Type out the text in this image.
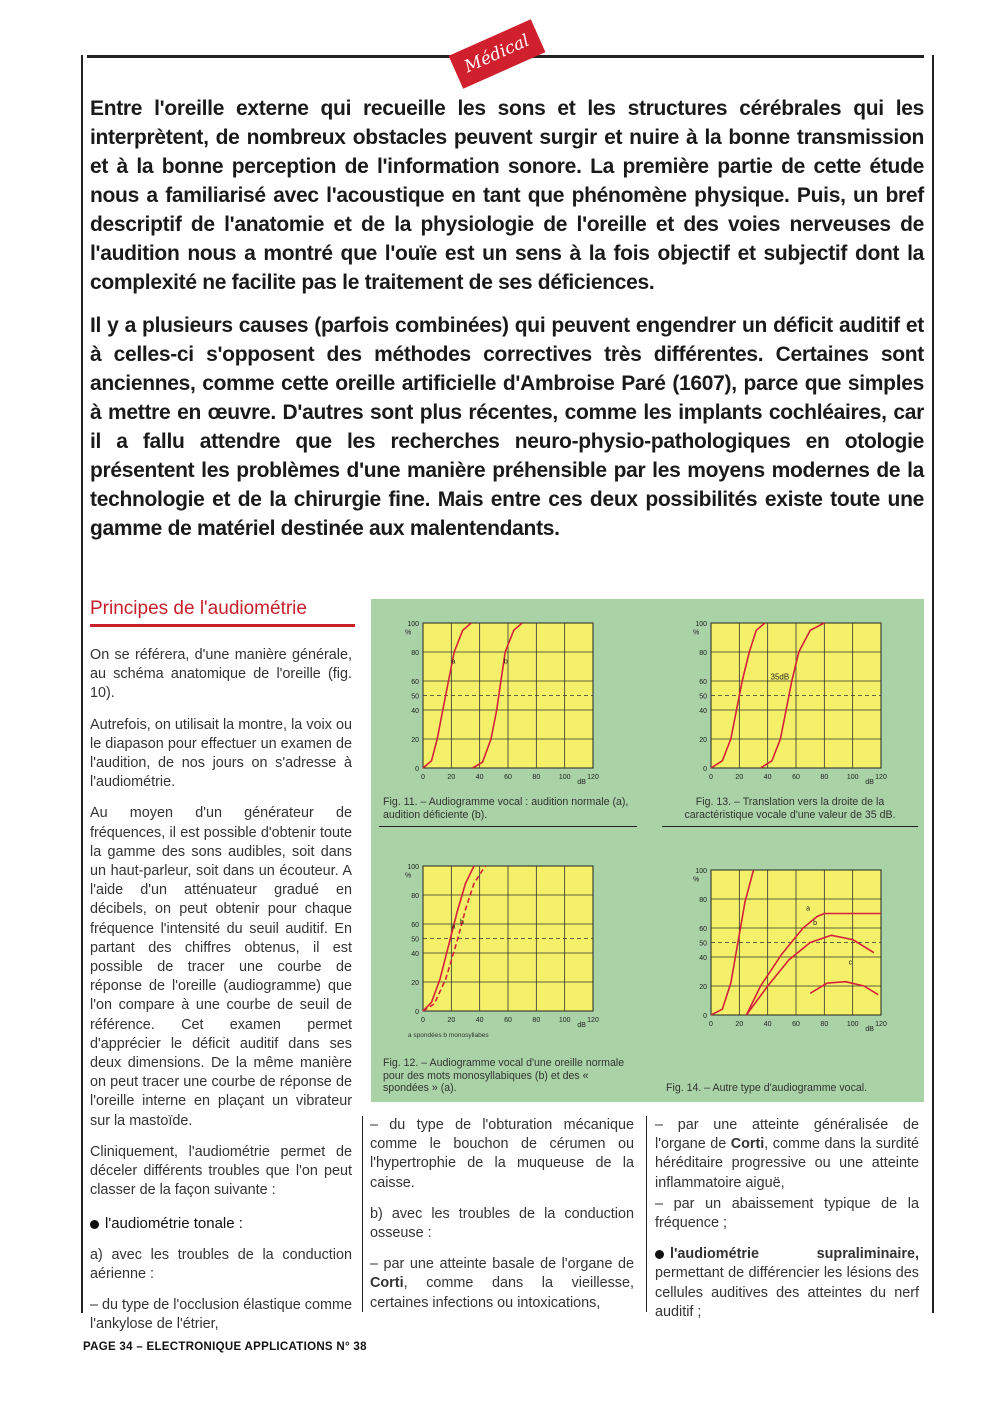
Médical

Entre l'oreille externe qui recueille les sons et les structures cérébrales qui les interprètent, de nombreux obstacles peuvent surgir et nuire à la bonne transmission et à la bonne perception de l'information sonore. La première partie de cette étude nous a familiarisé avec l'acoustique en tant que phénomène physique. Puis, un bref descriptif de l'anatomie et de la physiologie de l'oreille et des voies nerveuses de l'audition nous a montré que l'ouïe est un sens à la fois objectif et subjectif dont la complexité ne facilite pas le traitement de ses déficiences.

Il y a plusieurs causes (parfois combinées) qui peuvent engendrer un déficit auditif et à celles-ci s'opposent des méthodes correctives très différentes. Certaines sont anciennes, comme cette oreille artificielle d'Ambroise Paré (1607), parce que simples à mettre en œuvre. D'autres sont plus récentes, comme les implants cochléaires, car il a fallu attendre que les recherches neuro-physio-pathologiques en otologie présentent les problèmes d'une manière préhensible par les moyens modernes de la technologie et de la chirurgie fine. Mais entre ces deux possibilités existe toute une gamme de matériel destinée aux malentendants.

Principes de l'audiométrie

On se référera, d'une manière générale, au schéma anatomique de l'oreille (fig. 10).

Autrefois, on utilisait la montre, la voix ou le diapason pour effectuer un examen de l'audition, de nos jours on s'adresse à l'audiométrie.

Au moyen d'un générateur de fréquences, il est possible d'obtenir toute la gamme des sons audibles, soit dans un haut-parleur, soit dans un écouteur. A l'aide d'un atténuateur gradué en décibels, on peut obtenir pour chaque fréquence l'intensité du seuil auditif. En partant des chiffres obtenus, il est possible de tracer une courbe de réponse de l'oreille (audiogramme) que l'on compare à une courbe de seuil de référence. Cet examen permet d'apprécier le déficit auditif dans ses deux dimensions. De la même manière on peut tracer une courbe de réponse de l'oreille interne en plaçant un vibrateur sur la mastoïde.

Cliniquement, l'audiométrie permet de déceler différents troubles que l'on peut classer de la façon suivante :

l'audiométrie tonale :

a) avec les troubles de la conduction aérienne :

– du type de l'occlusion élastique comme l'ankylose de l'étrier,

0
20
40
50
60
80
100
%
0	20	40	60	80	100 120
dB
a	b

Fig. 11. – Audiogramme vocal : audition normale (a), audition déficiente (b).

0
20
40
50
60
80
100
%
0	20	40	60	80	100 120
dB
35dB

Fig. 13. – Translation vers la droite de la caractéristique vocale d'une valeur de 35 dB.

0
20
40
50
60
80
100
%
0	20	40	60	80	100 120
dB
a
b
a spondées b monosyllabes

Fig. 12. – Audiogramme vocal d'une oreille normale pour des mots monosyllabiques (b) et des « spondées » (a).

0
20
40
50
60
80
100
%
0	20	40	60	80	100 120
dB
a
b
c

Fig. 14. – Autre type d'audiogramme vocal.

– du type de l'obturation mécanique comme le bouchon de cérumen ou l'hypertrophie de la muqueuse de la caisse.

b) avec les troubles de la conduction osseuse :

– par une atteinte basale de l'organe de Corti, comme dans la vieillesse, certaines infections ou intoxications,

– par une atteinte généralisée de l'organe de Corti, comme dans la surdité héréditaire progressive ou une atteinte inflammatoire aiguë,

– par un abaissement typique de la fréquence ;

l'audiométrie supraliminaire, permettant de différencier les lésions des cellules auditives des atteintes du nerf auditif ;

PAGE 34 – ELECTRONIQUE APPLICATIONS N° 38
